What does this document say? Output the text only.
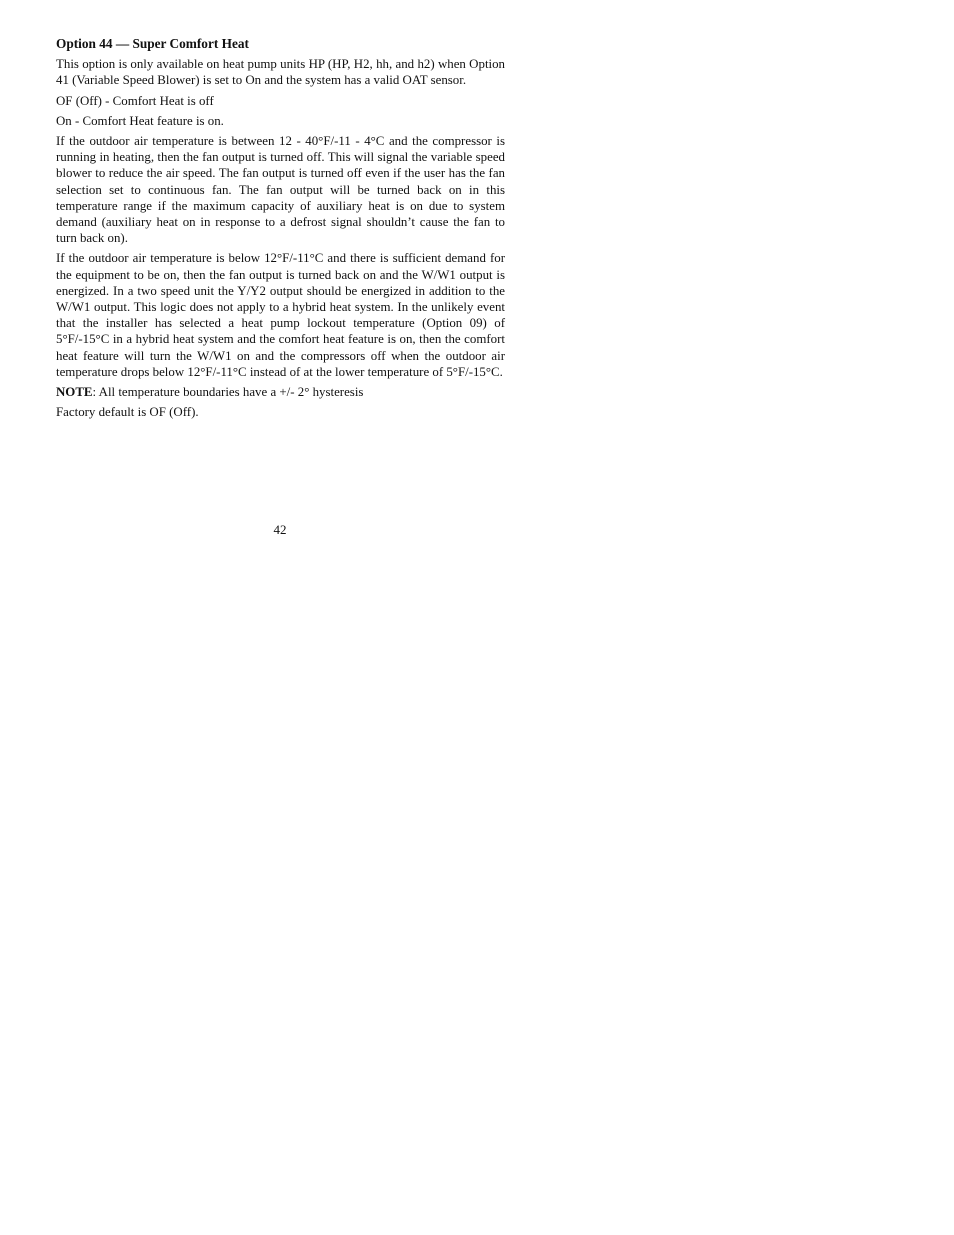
Option 44 — Super Comfort Heat

This option is only available on heat pump units HP (HP, H2, hh, and h2) when Option 41 (Variable Speed Blower) is set to On and the system has a valid OAT sensor.

OF (Off) - Comfort Heat is off

On - Comfort Heat feature is on.

If the outdoor air temperature is between 12 - 40°F/-11 - 4°C and the compressor is running in heating, then the fan output is turned off. This will signal the variable speed blower to reduce the air speed. The fan output is turned off even if the user has the fan selection set to continuous fan. The fan output will be turned back on in this temperature range if the maximum capacity of auxiliary heat is on due to system demand (auxiliary heat on in response to a defrost signal shouldn’t cause the fan to turn back on).

If the outdoor air temperature is below 12°F/-11°C and there is sufficient demand for the equipment to be on, then the fan output is turned back on and the W/W1 output is energized. In a two speed unit the Y/Y2 output should be energized in addition to the W/W1 output. This logic does not apply to a hybrid heat system. In the unlikely event that the installer has selected a heat pump lockout temperature (Option 09) of 5°F/-15°C in a hybrid heat system and the comfort heat feature is on, then the comfort heat feature will turn the W/W1 on and the compressors off when the outdoor air temperature drops below 12°F/-11°C instead of at the lower temperature of 5°F/-15°C.

NOTE: All temperature boundaries have a +/- 2° hysteresis

Factory default is OF (Off).

42
